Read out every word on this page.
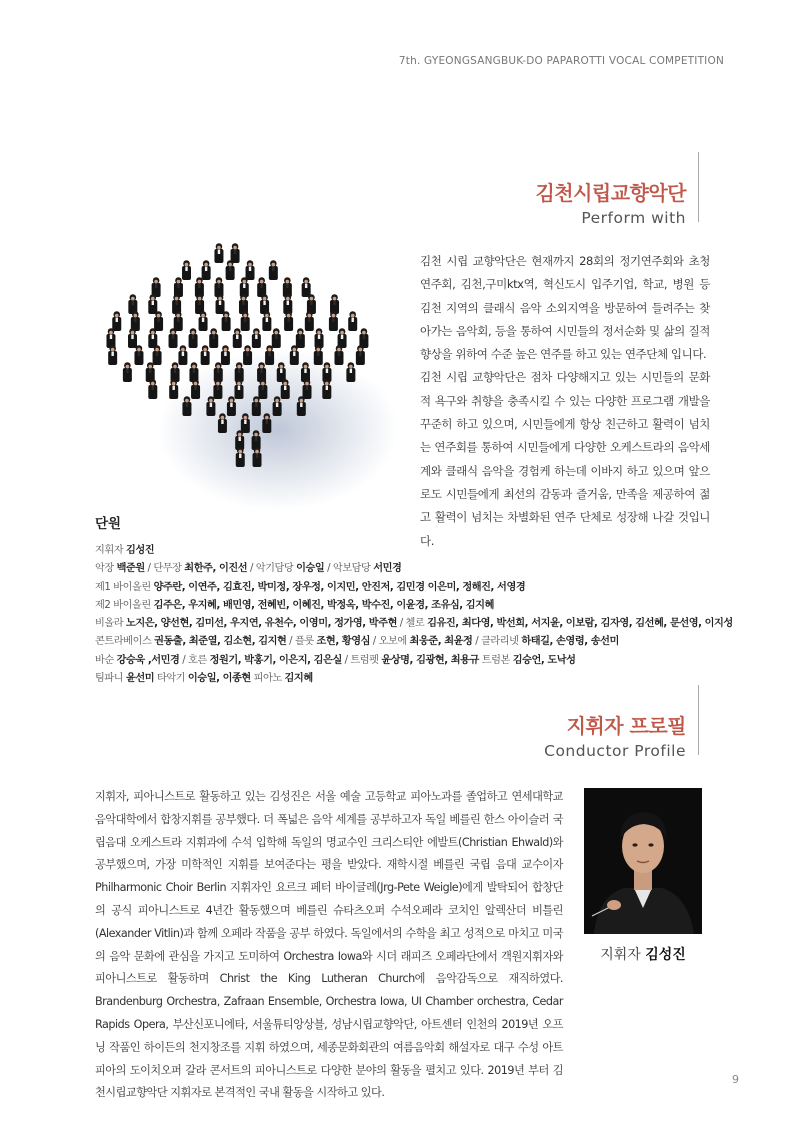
7th. GYEONGSANGBUK-DO PAPAROTTI VOCAL COMPETITION
김천시립교향악단
Perform with

김천 시립 교향악단은 현재까지 28회의 정기연주회와 초청연주회, 김천,구미ktx역, 혁신도시 입주기업, 학교, 병원 등 김천 지역의 클래식 음악 소외지역을 방문하여 들려주는 찾아가는 음악회, 등을 통하여 시민들의 정서순화 및 삶의 질적 향상을 위하여 수준 높은 연주를 하고 있는 연주단체 입니다.

김천 시립 교향악단은 점차 다양해지고 있는 시민들의 문화적 욕구와 취향을 충족시킬 수 있는 다양한 프로그램 개발을 꾸준히 하고 있으며, 시민들에게 항상 친근하고 활력이 넘치는 연주회를 통하여 시민들에게 다양한 오케스트라의 음악세계와 클래식 음악을 경험케 하는데 이바지 하고 있으며 앞으로도 시민들에게 최선의 감동과 즐거움, 만족을 제공하여 젊고 활력이 넘치는 차별화된 연주 단체로 성장해 나갈 것입니다.

단원
지휘자 김성진
악장 백준원 / 단무장 최한주, 이진선 / 악기담당 이승일 / 악보담당 서민경
제1 바이올린 양주란, 이연주, 김효진, 박미정, 장우정, 이지민, 안진저, 김민경 이은미, 정해진, 서영경
제2 바이올린 김주은, 우지혜, 배민영, 전혜빈, 이혜진, 박정옥, 박수진, 이윤경, 조유심, 김지혜
비올라 노지은, 양선현, 김미선, 우지연, 유천수, 이영미, 정가영, 박주현 / 첼로 김유진, 최다영, 박선희, 서지윤, 이보람, 김자영, 김선혜, 문선영, 이지성
콘트라베이스 권동출, 최준열, 김소현, 김지현 / 플룻 조현, 황영심 / 오보에 최웅준, 최윤정 / 클라리넷 하태길, 손영령, 송선미
바순 강승욱 ,서민경 / 호른 정원기, 박홍기, 이은지, 김은실 / 트럼펫 윤상명, 김광현, 최용규 트럼본 김승언, 도낙성
팀파니 윤선미 타악기 이승일, 이종현 피아노 김지혜
지휘자 프로필
Conductor Profile
지휘자, 피아니스트로 활동하고 있는 김성진은 서울 예술 고등학교 피아노과를 졸업하고 연세대학교 음악대학에서 합창지휘를 공부했다. 더 폭넓은 음악 세계를 공부하고자 독일 베를린 한스 아이슬러 국립음대 오케스트라 지휘과에 수석 입학해 독일의 명교수인 크리스티안 에발트(Christian Ehwald)와 공부했으며, 가장 미학적인 지휘를 보여준다는 평을 받았다. 재학시절 베를린 국립 음대 교수이자 Philharmonic Choir Berlin 지휘자인 요르크 페터 바이글레(Jrg-Pete Weigle)에게 발탁되어 합창단의 공식 피아니스트로 4년간 활동했으며 베를린 슈타츠오퍼 수석오페라 코치인 알렉산더 비틀린(Alexander Vitlin)과 함께 오페라 작품을 공부 하였다. 독일에서의 수학을 최고 성적으로 마치고 미국의 음악 문화에 관심을 가지고 도미하여 Orchestra Iowa와 시더 래피즈 오페라단에서 객원지휘자와 피아니스트로 활동하며 Christ the King Lutheran Church에 음악감독으로 재직하였다. Brandenburg Orchestra, Zafraan Ensemble, Orchestra Iowa, UI Chamber orchestra, Cedar Rapids Opera, 부산신포니에타, 서울튜티앙상블, 성남시립교향악단, 아트센터 인천의 2019년 오프닝 작품인 하이든의 천지창조를 지휘 하였으며, 세종문화회관의 여름음악회 해설자로 대구 수성 아트피아의 도이치오퍼 갈라 콘서트의 피아니스트로 다양한 분야의 활동을 펼치고 있다. 2019년 부터 김천시립교향악단 지휘자로 본격적인 국내 활동을 시작하고 있다.
지휘자 김성진
9
